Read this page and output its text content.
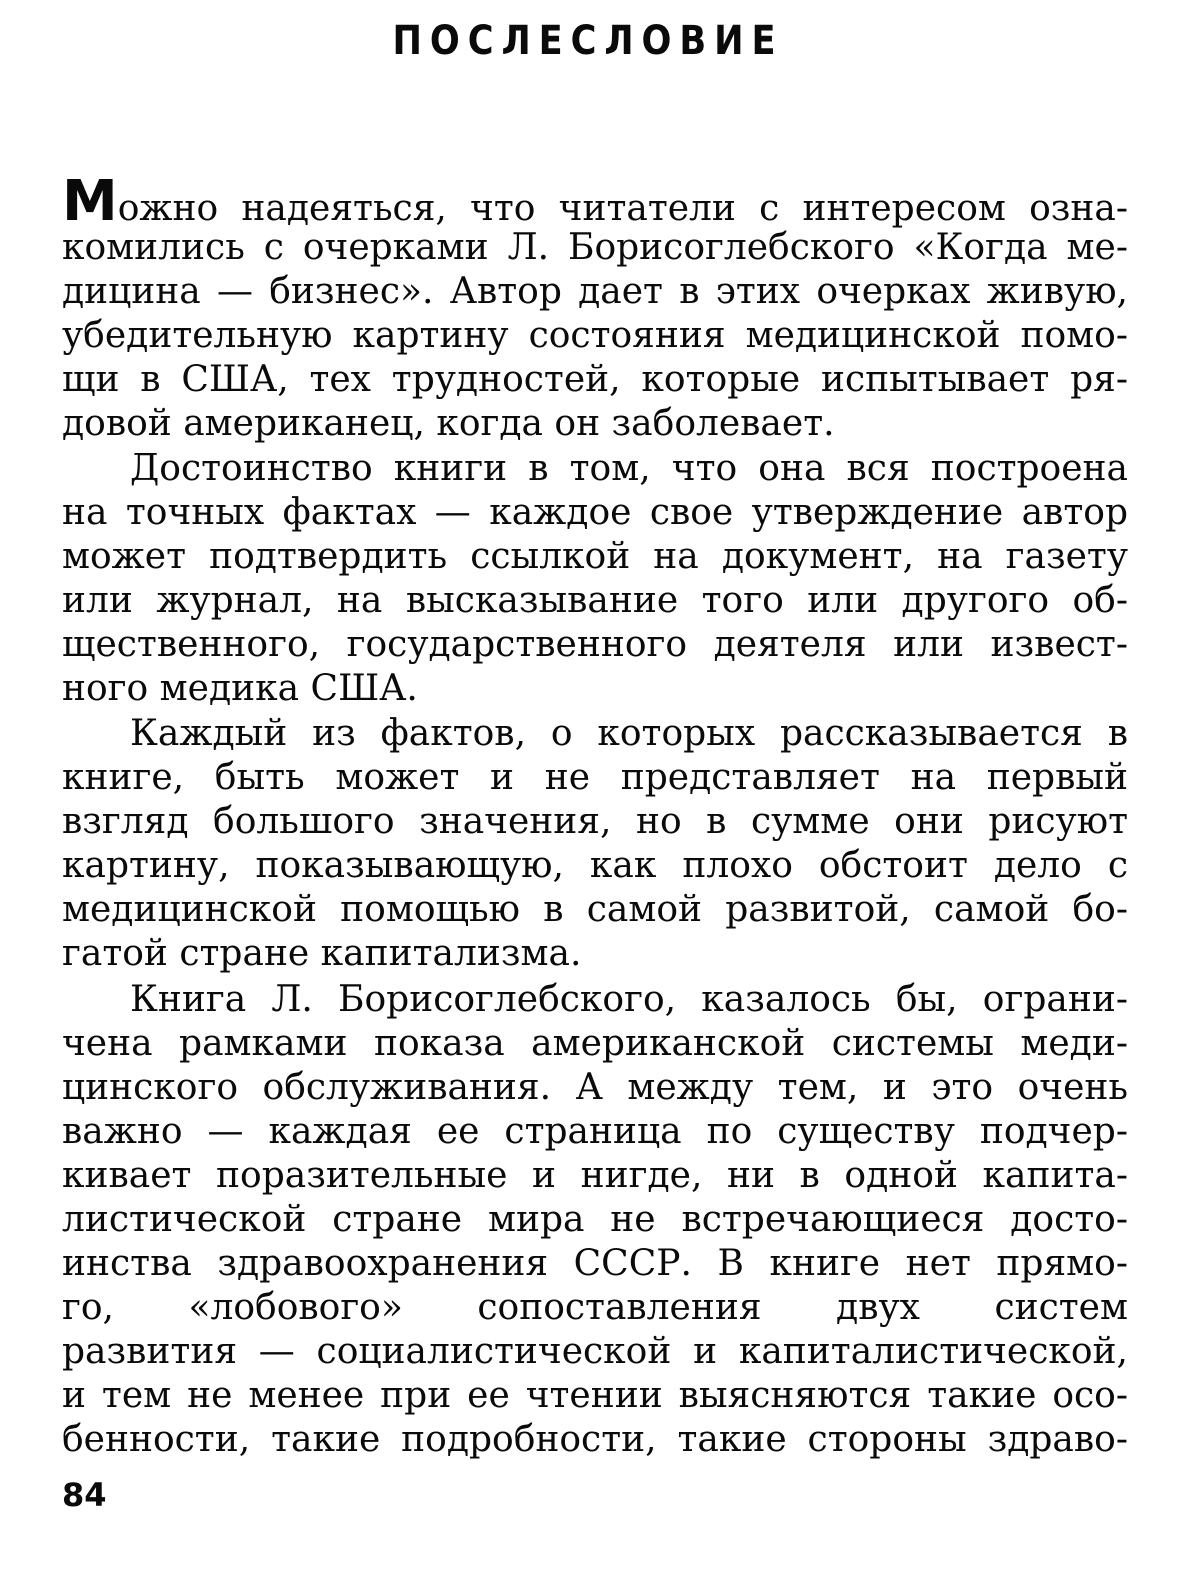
ПОСЛЕСЛОВИЕ

Можно надеяться, что читатели с интересом озна-

комились с очерками Л. Борисоглебского «Когда ме-

дицина — бизнес». Автор дает в этих очерках живую,

убедительную картину состояния медицинской помо-

щи в США, тех трудностей, которые испытывает ря-

довой американец, когда он заболевает.

Достоинство книги в том, что она вся построена

на точных фактах — каждое свое утверждение автор

может подтвердить ссылкой на документ, на газету

или журнал, на высказывание того или другого об-

щественного, государственного деятеля или извест-

ного медика США.

Каждый из фактов, о которых рассказывается в

книге, быть может и не представляет на первый

взгляд большого значения, но в сумме они рисуют

картину, показывающую, как плохо обстоит дело с

медицинской помощью в самой развитой, самой бо-

гатой стране капитализма.

Книга Л. Борисоглебского, казалось бы, ограни-

чена рамками показа американской системы меди-

цинского обслуживания. А между тем, и это очень

важно — каждая ее страница по существу подчер-

кивает поразительные и нигде, ни в одной капита-

листической стране мира не встречающиеся досто-

инства здравоохранения СССР. В книге нет прямо-

го, «лобового» сопоставления двух систем

развития — социалистической и капиталистической,

и тем не менее при ее чтении выясняются такие осо-

бенности, такие подробности, такие стороны здраво-

84
